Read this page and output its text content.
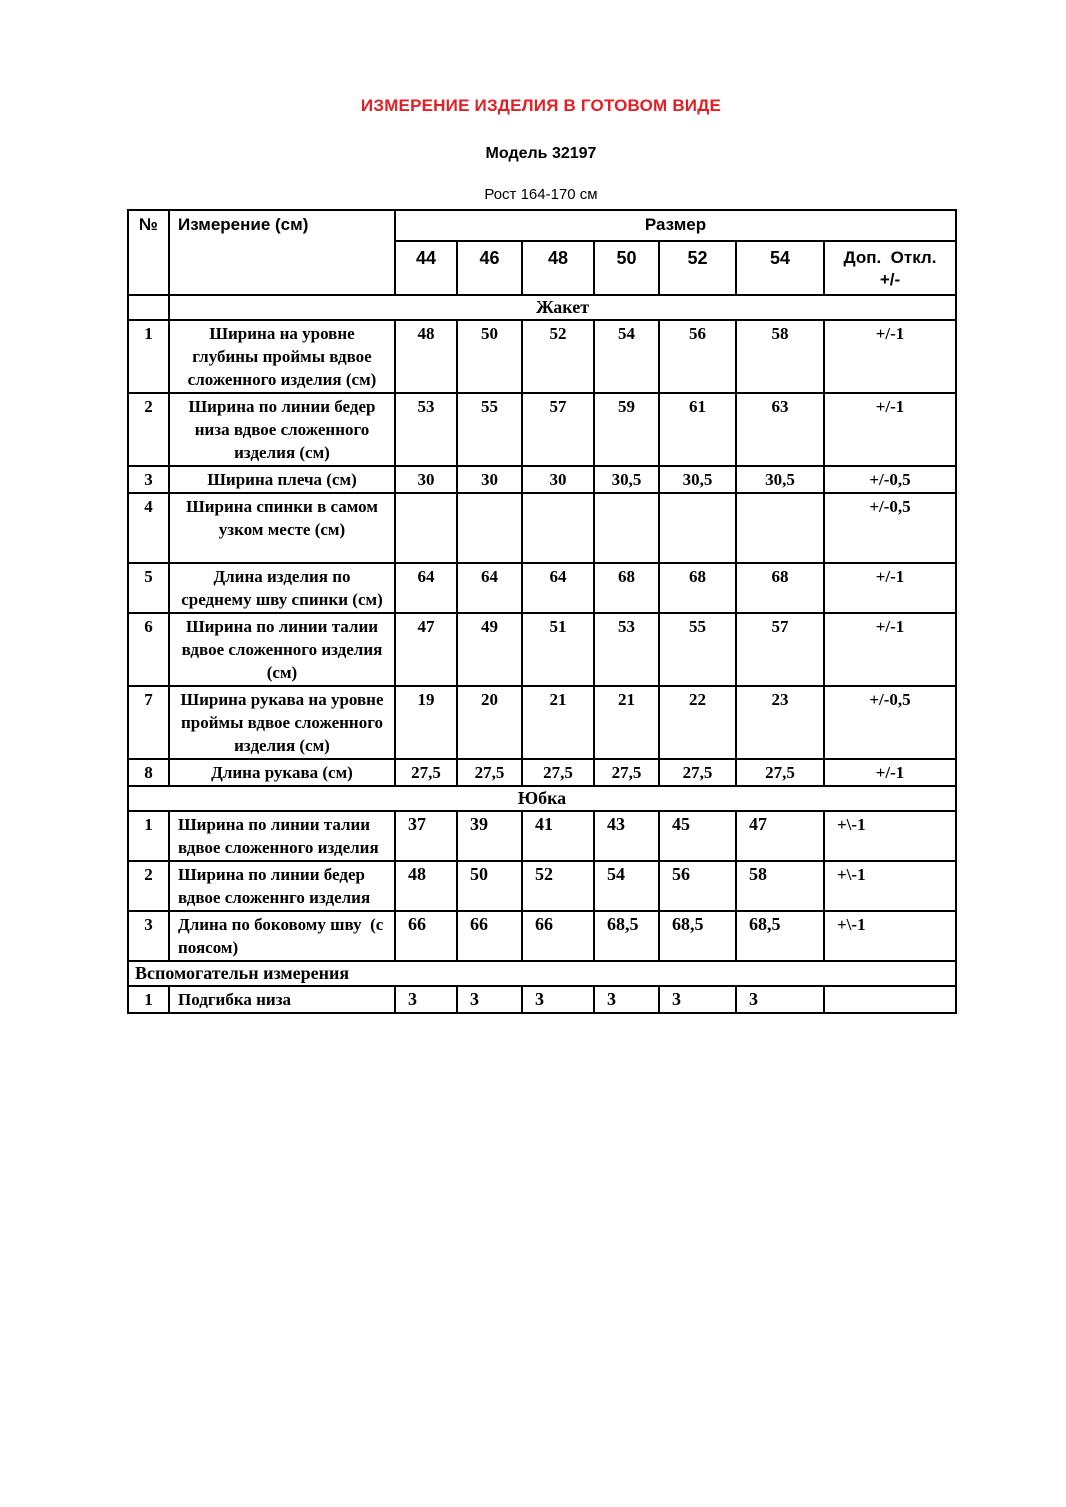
ИЗМЕРЕНИЕ ИЗДЕЛИЯ В ГОТОВОМ ВИДЕ
Модель 32197
Рост 164-170 см
№	Измерение (см)	Размер						
		44	46	48	50	52	54	Доп.  Откл.
+/-

	Жакет							
1	Ширина на уровне глубины проймы вдвое сложенного изделия (см)	48	50	52	54	56	58	+/-1
2	Ширина по линии бедер низа вдвое сложенного изделия (см)	53	55	57	59	61	63	+/-1
3	Ширина плеча (см)	30	30	30	30,5	30,5	30,5	+/-0,5
4	Ширина спинки в самом узком месте (см)							+/-0,5
5	Длина изделия по среднему шву спинки (см)	64	64	64	68	68	68	+/-1
6	Ширина по линии талии вдвое сложенного изделия (см)	47	49	51	53	55	57	+/-1
7	Ширина рукава на уровне проймы вдвое сложенного изделия (см)	19	20	21	21	22	23	+/-0,5
8	Длина рукава (см)	27,5	27,5	27,5	27,5	27,5	27,5	+/-1
Юбка								
1	Ширина по линии талии вдвое сложенного изделия	37	39	41	43	45	47	+\-1
2	Ширина по линии бедер вдвое сложеннго изделия	48	50	52	54	56	58	+\-1
3	Длина по боковому шву  (с поясом)	66	66	66	68,5	68,5	68,5	+\-1
Вспомогательн измерения								
1	Подгибка низа	3	3	3	3	3	3	
